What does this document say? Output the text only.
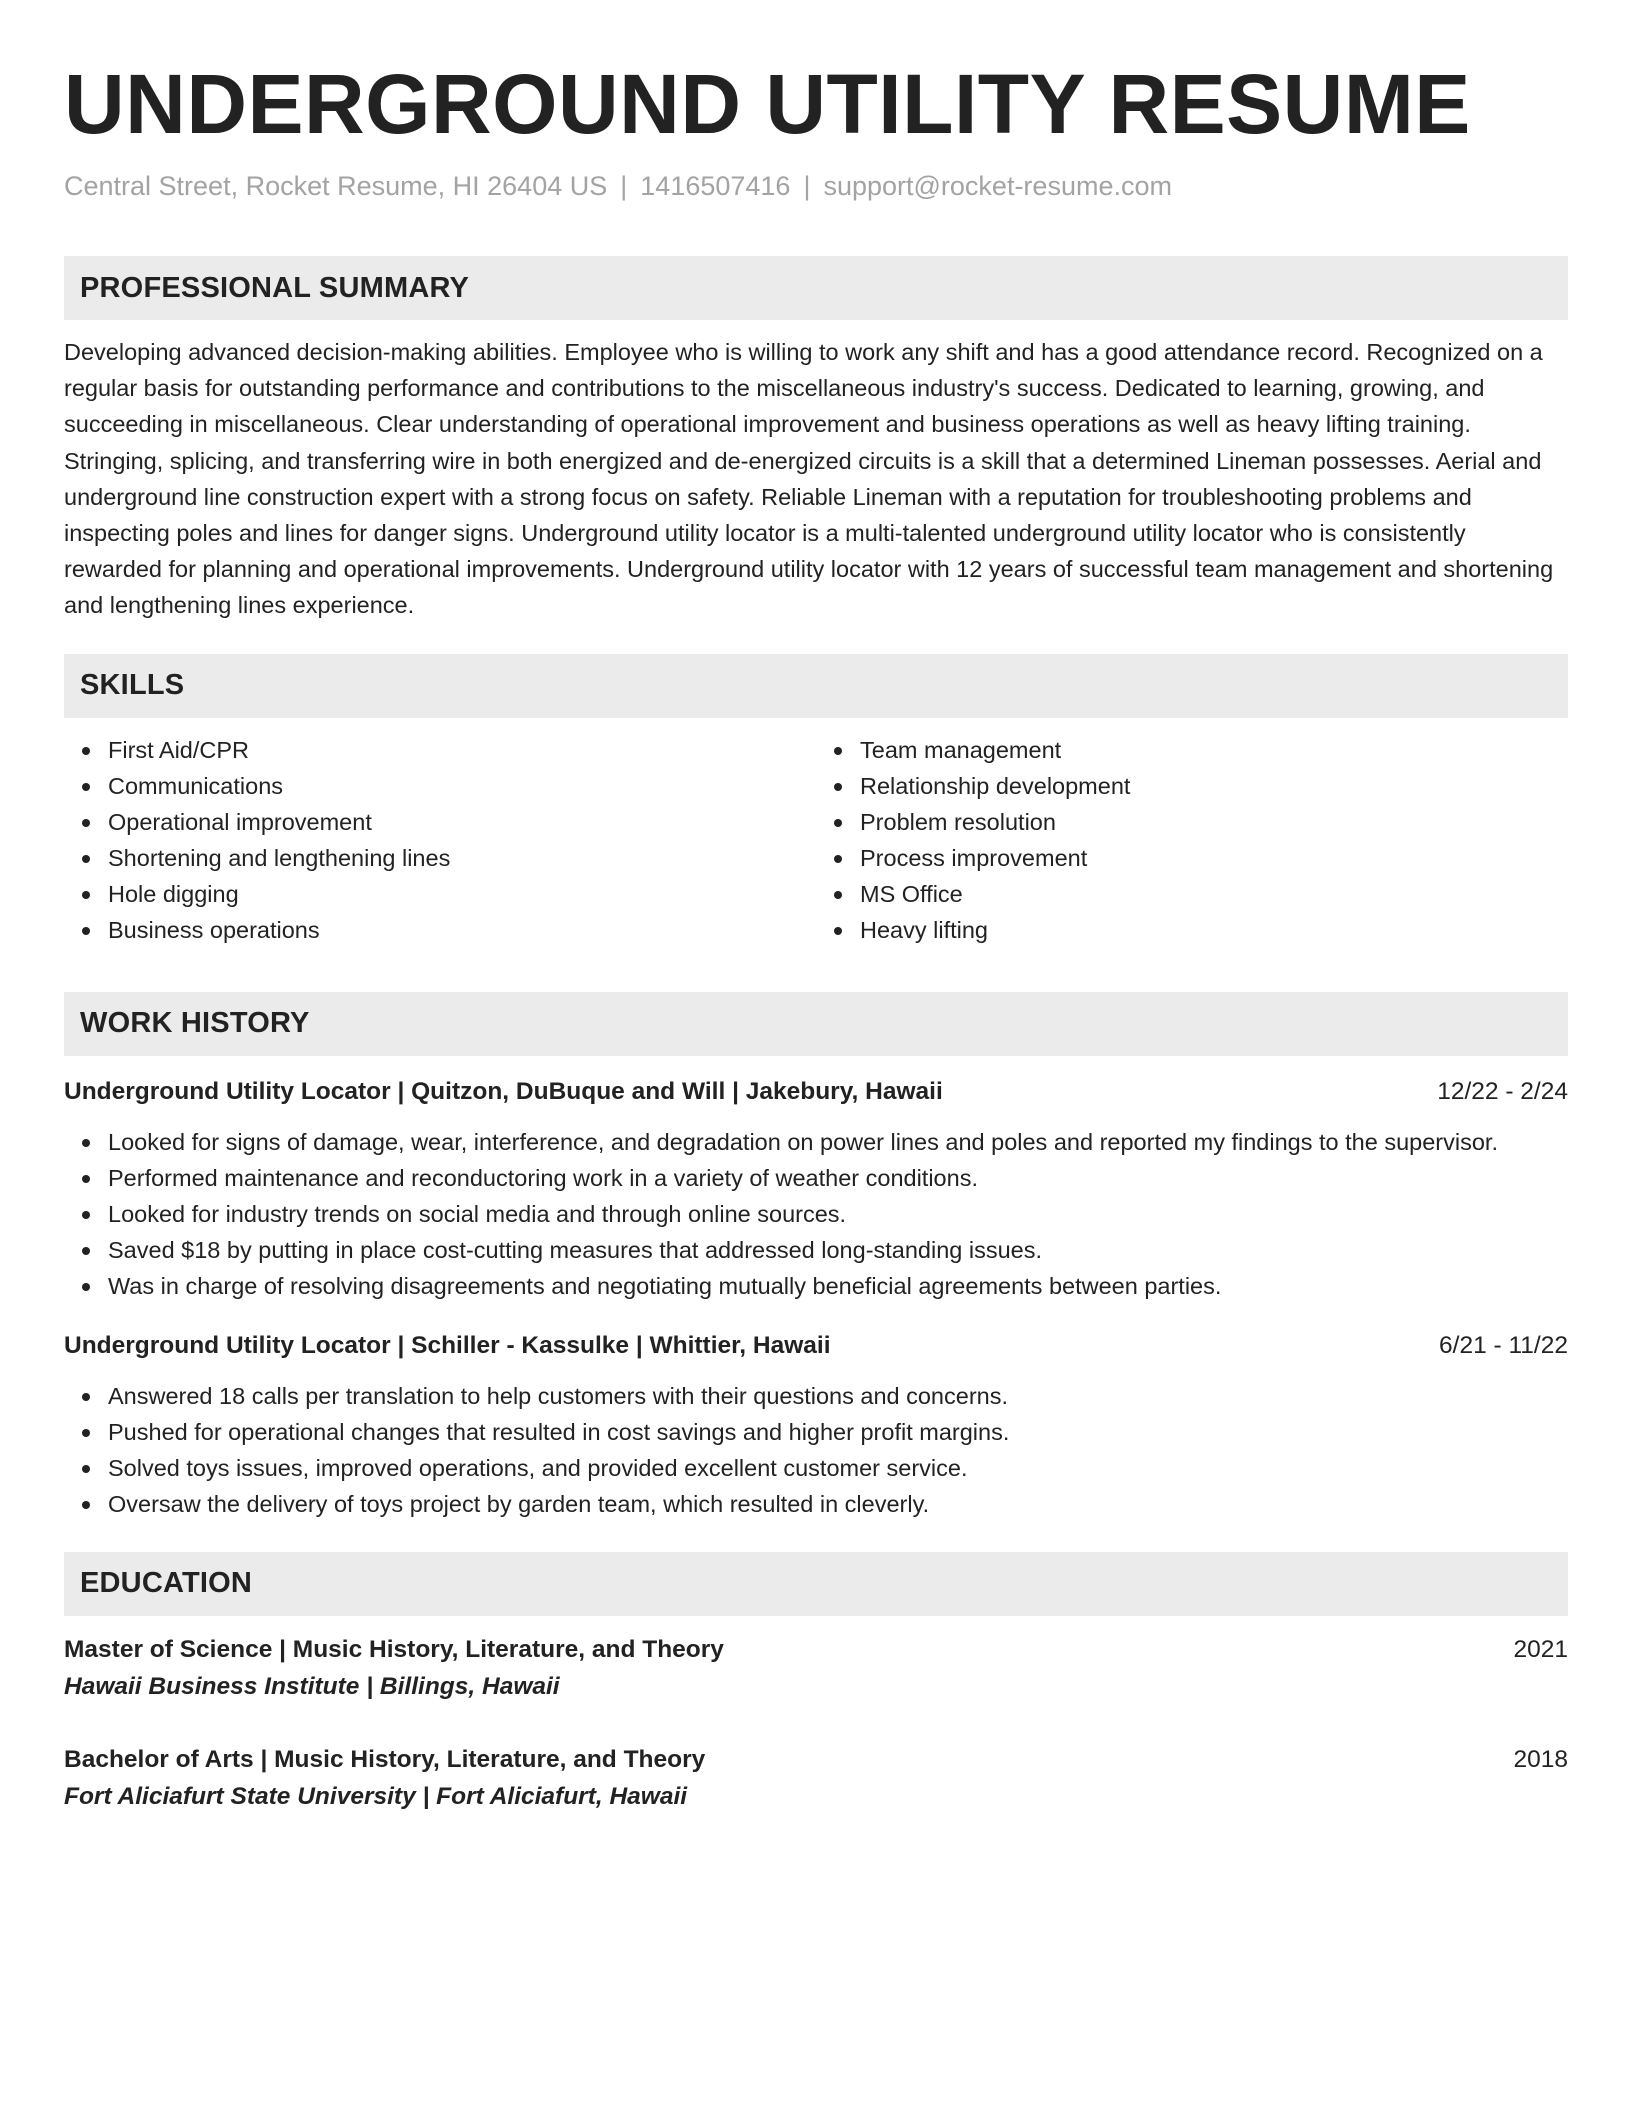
UNDERGROUND UTILITY RESUME
Central Street, Rocket Resume, HI 26404 US | 1416507416 | support@rocket-resume.com
PROFESSIONAL SUMMARY
Developing advanced decision-making abilities. Employee who is willing to work any shift and has a good attendance record. Recognized on a regular basis for outstanding performance and contributions to the miscellaneous industry's success. Dedicated to learning, growing, and succeeding in miscellaneous. Clear understanding of operational improvement and business operations as well as heavy lifting training. Stringing, splicing, and transferring wire in both energized and de-energized circuits is a skill that a determined Lineman possesses. Aerial and underground line construction expert with a strong focus on safety. Reliable Lineman with a reputation for troubleshooting problems and inspecting poles and lines for danger signs. Underground utility locator is a multi-talented underground utility locator who is consistently rewarded for planning and operational improvements. Underground utility locator with 12 years of successful team management and shortening and lengthening lines experience.
SKILLS
First Aid/CPR
Communications
Operational improvement
Shortening and lengthening lines
Hole digging
Business operations
Team management
Relationship development
Problem resolution
Process improvement
MS Office
Heavy lifting
WORK HISTORY
Underground Utility Locator | Quitzon, DuBuque and Will | Jakebury, Hawaii	12/22 - 2/24
Looked for signs of damage, wear, interference, and degradation on power lines and poles and reported my findings to the supervisor.
Performed maintenance and reconductoring work in a variety of weather conditions.
Looked for industry trends on social media and through online sources.
Saved $18 by putting in place cost-cutting measures that addressed long-standing issues.
Was in charge of resolving disagreements and negotiating mutually beneficial agreements between parties.
Underground Utility Locator | Schiller - Kassulke | Whittier, Hawaii	6/21 - 11/22
Answered 18 calls per translation to help customers with their questions and concerns.
Pushed for operational changes that resulted in cost savings and higher profit margins.
Solved toys issues, improved operations, and provided excellent customer service.
Oversaw the delivery of toys project by garden team, which resulted in cleverly.
EDUCATION
Master of Science | Music History, Literature, and Theory	2021
Hawaii Business Institute | Billings, Hawaii
Bachelor of Arts | Music History, Literature, and Theory	2018
Fort Aliciafurt State University | Fort Aliciafurt, Hawaii
